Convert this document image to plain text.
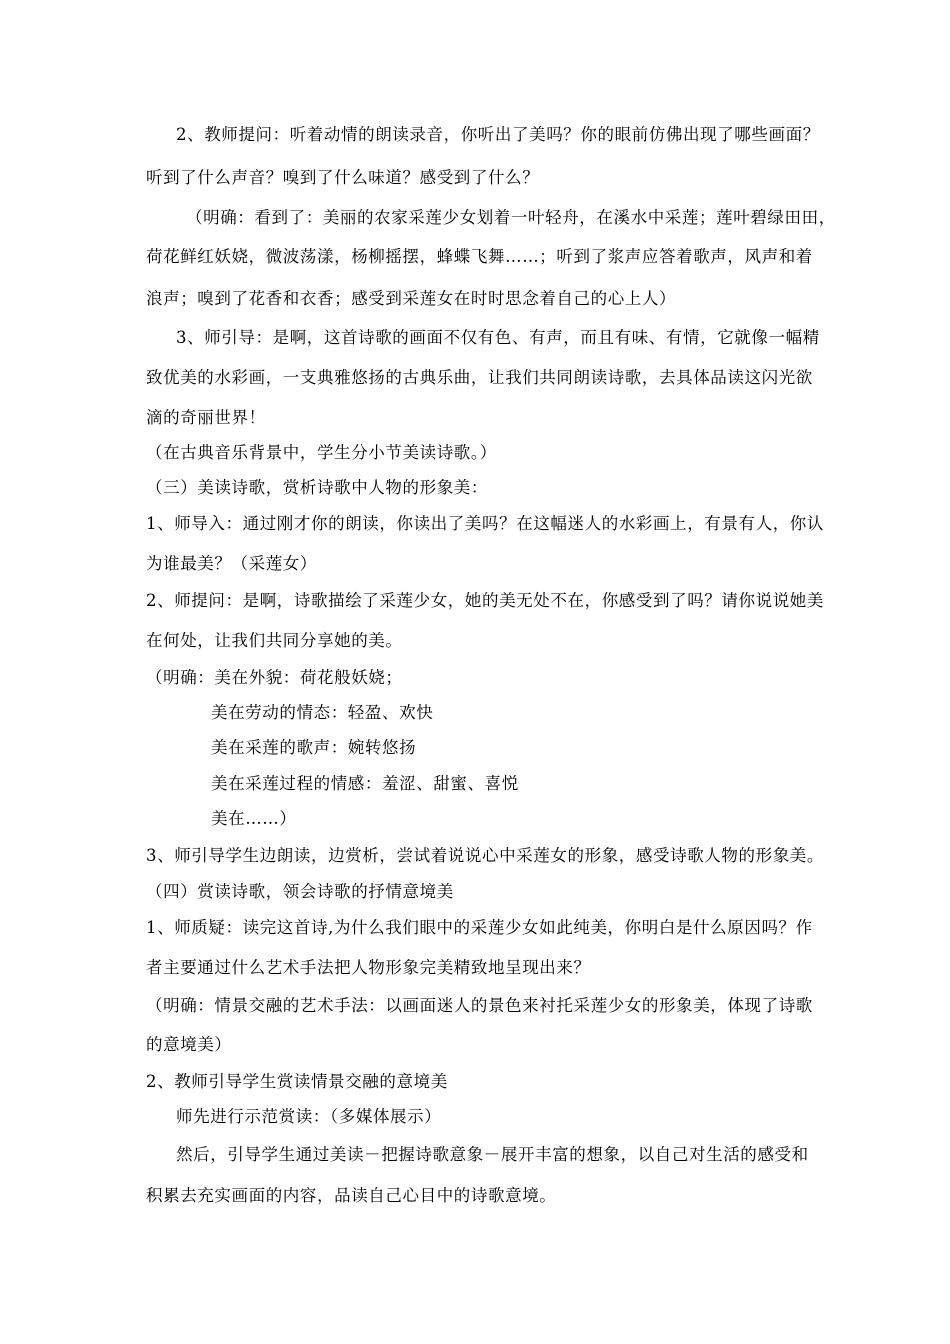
2、教师提问：听着动情的朗读录音，你听出了美吗？你的眼前仿佛出现了哪些画面？
听到了什么声音？嗅到了什么味道？感受到了什么？
（明确：看到了：美丽的农家采莲少女划着一叶轻舟，在溪水中采莲；莲叶碧绿田田，
荷花鲜红妖娆，微波荡漾，杨柳摇摆，蜂蝶飞舞……；听到了浆声应答着歌声，风声和着
浪声；嗅到了花香和衣香；感受到采莲女在时时思念着自己的心上人）
3、师引导：是啊，这首诗歌的画面不仅有色、有声，而且有味、有情，它就像一幅精
致优美的水彩画，一支典雅悠扬的古典乐曲，让我们共同朗读诗歌，去具体品读这闪光欲
滴的奇丽世界！
（在古典音乐背景中，学生分小节美读诗歌。）
（三）美读诗歌，赏析诗歌中人物的形象美：
1、师导入：通过刚才你的朗读，你读出了美吗？在这幅迷人的水彩画上，有景有人，你认
为谁最美？（采莲女）
2、师提问：是啊，诗歌描绘了采莲少女，她的美无处不在，你感受到了吗？请你说说她美
在何处，让我们共同分享她的美。
（明确：美在外貌：荷花般妖娆；
美在劳动的情态：轻盈、欢快
美在采莲的歌声：婉转悠扬
美在采莲过程的情感：羞涩、甜蜜、喜悦
美在……）
3、师引导学生边朗读，边赏析，尝试着说说心中采莲女的形象，感受诗歌人物的形象美。
（四）赏读诗歌，领会诗歌的抒情意境美
1、师质疑：读完这首诗,为什么我们眼中的采莲少女如此纯美，你明白是什么原因吗？作
者主要通过什么艺术手法把人物形象完美精致地呈现出来？
（明确：情景交融的艺术手法：以画面迷人的景色来衬托采莲少女的形象美，体现了诗歌
的意境美）
2、教师引导学生赏读情景交融的意境美
师先进行示范赏读：（多媒体展示）
然后，引导学生通过美读－把握诗歌意象－展开丰富的想象，以自己对生活的感受和
积累去充实画面的内容，品读自己心目中的诗歌意境。
